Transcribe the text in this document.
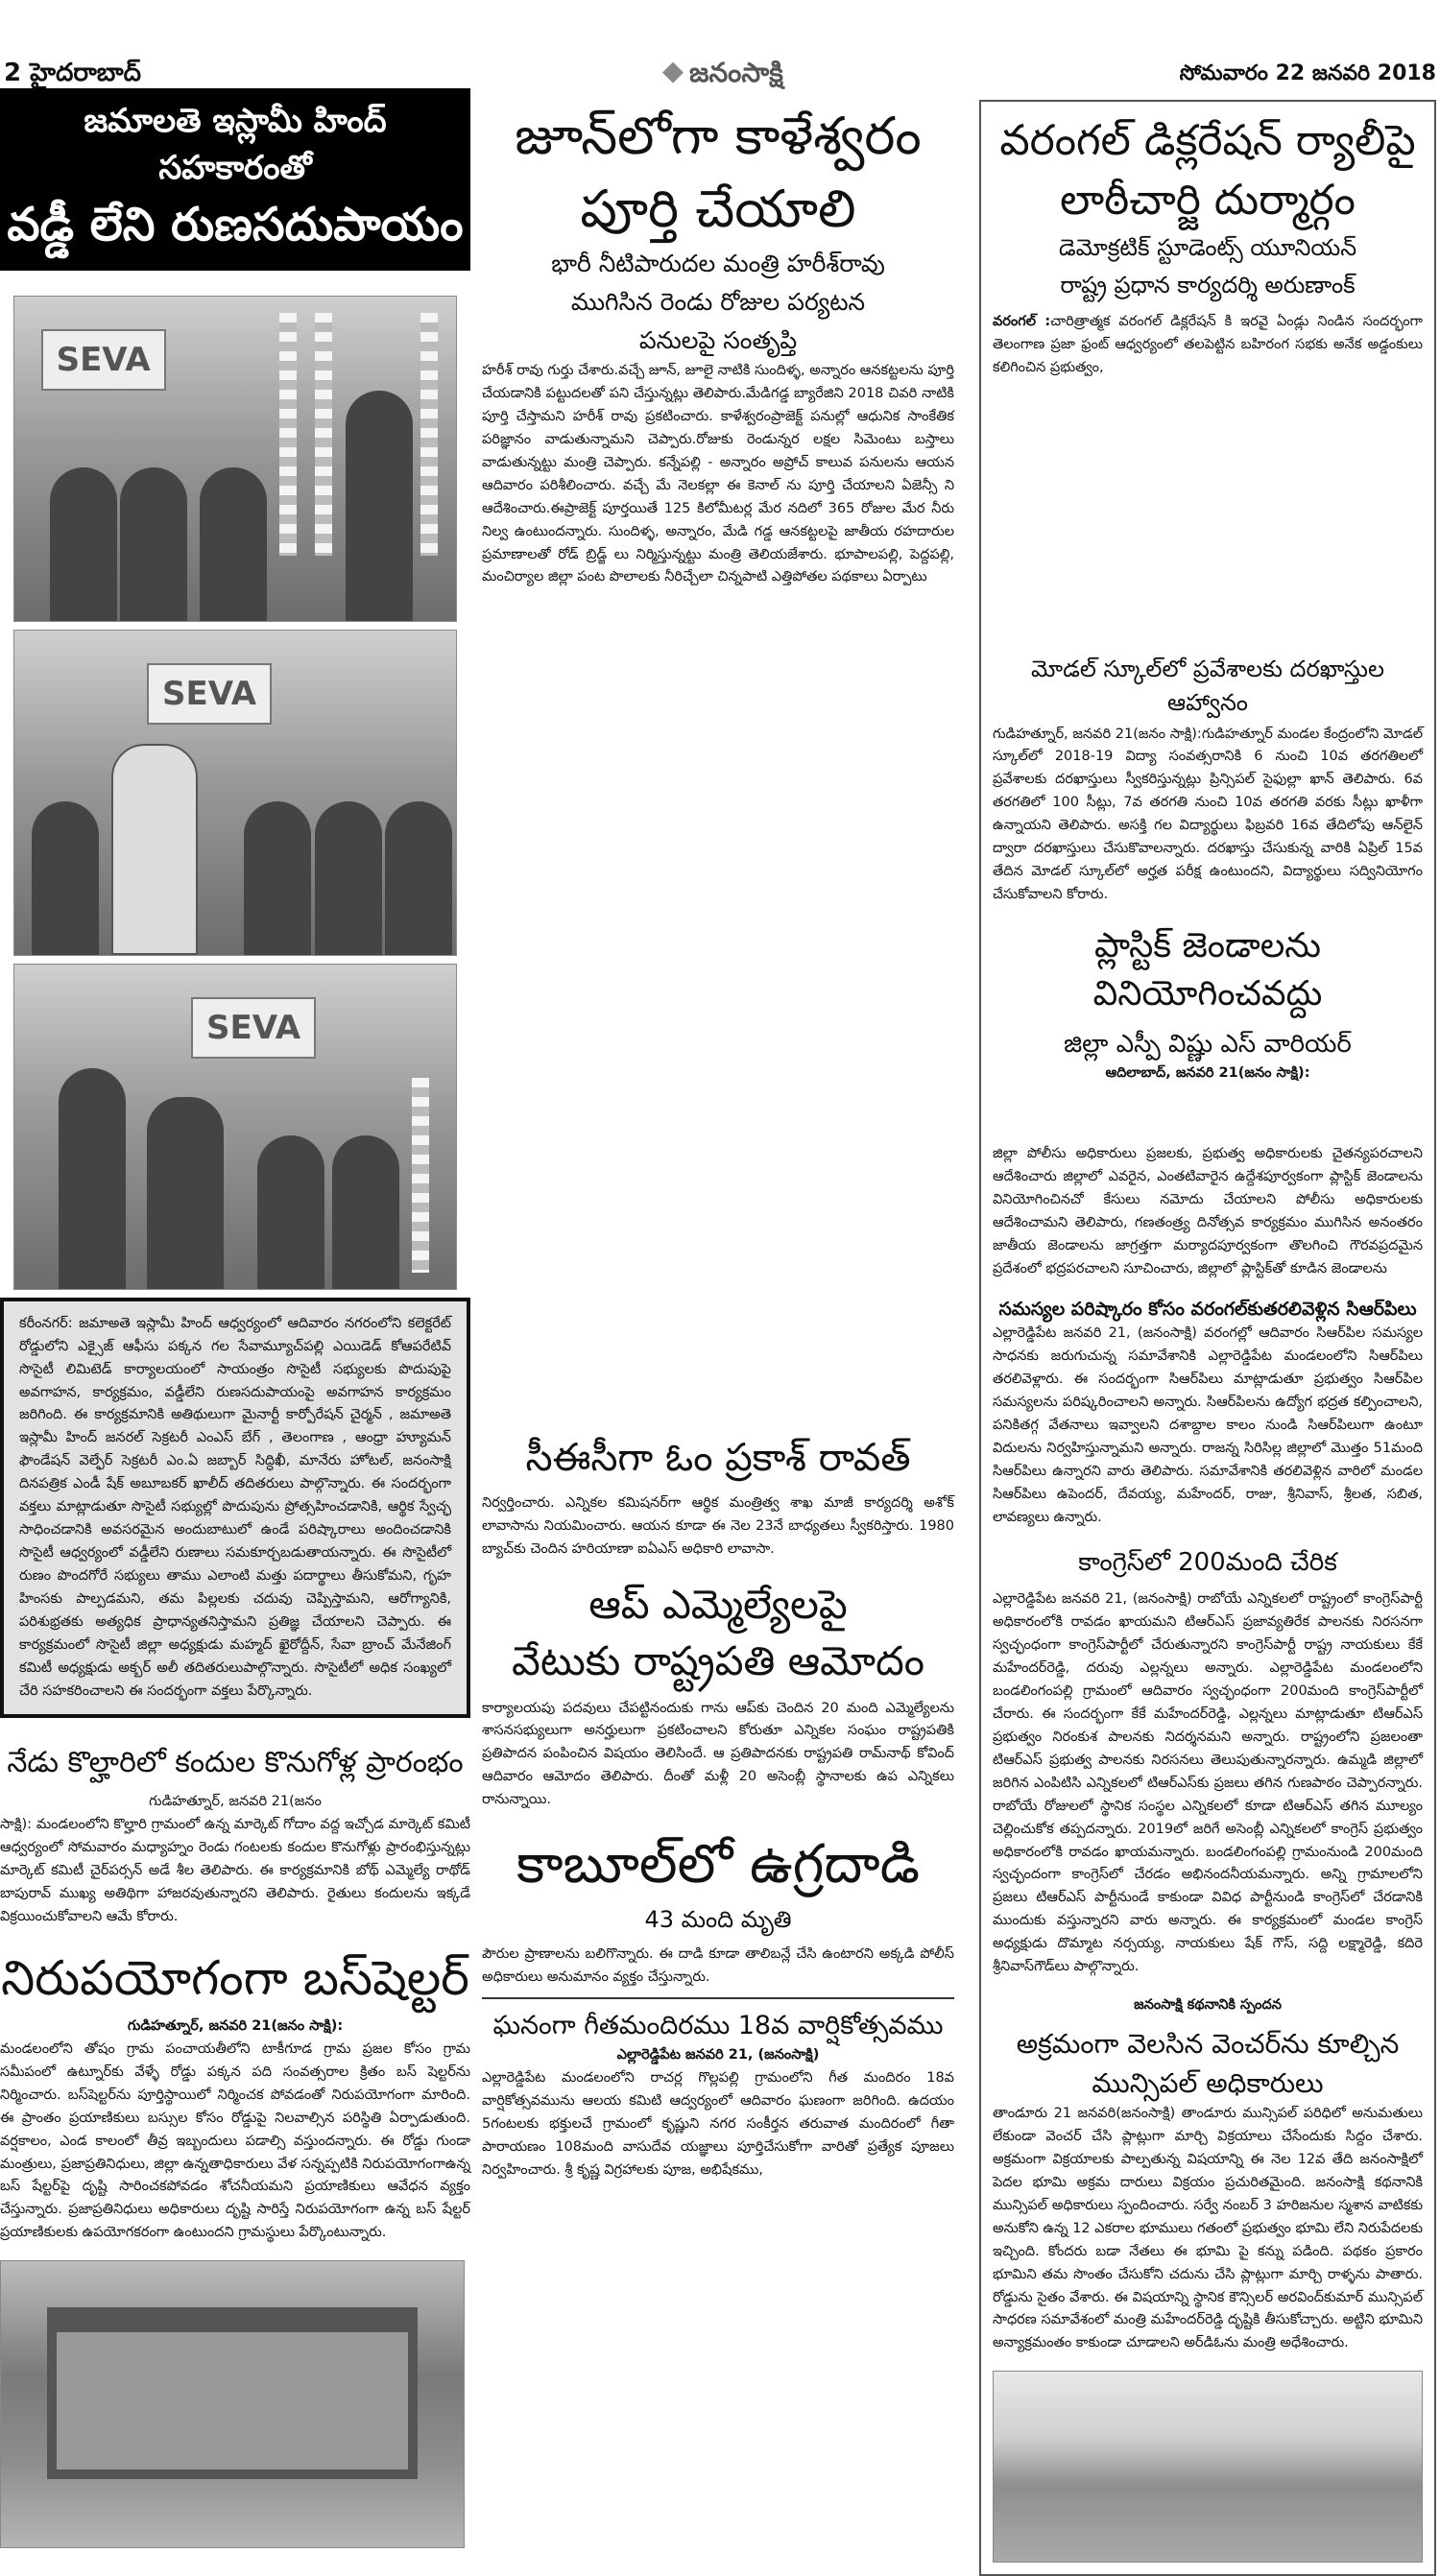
2 హైదరాబాద్	జనంసాక్షి	సోమవారం 22 జనవరి 2018
జమాలతె ఇస్లామీ హింద్ సహకారంతో
వడ్డీ లేని రుణసదుపాయం
SEVA
SEVA
SEVA

కరీంనగర్: జమాఅతె ఇస్లామీ హింద్ ఆధ్వర్యంలో ఆదివారం నగరంలోని కలెక్టరేట్ రోడ్డులోని ఎక్సైజ్ ఆఫీసు పక్కన గల సేవామ్యూచ్‌పల్లి ఎయిడెడ్ కోఆపరేటివ్ సొసైటీ లిమిటెడ్ కార్యాలయంలో సాయంత్రం సొసైటీ సభ్యులకు పొదుపుపై అవగాహన, కార్యక్రమం, వడ్డీలేని రుణసదుపాయంపై అవగాహన కార్యక్రమం జరిగింది. ఈ కార్యక్రమానికి అతిథులుగా మైనార్టీ కార్పోరేషన్ చైర్మన్ , జమాఅతె ఇస్లామీ హింద్ జనరల్ సెక్రటరీ ఎంఎస్ బేగ్ , తెలంగాణ , ఆంధ్రా హ్యూమన్ ఫౌండేషన్ వెల్ఫేర్ సెక్రటరీ ఎం.ఏ జబ్బార్ సిద్ధిఖీ, మానేరు హోటల్, జనంసాక్షి దినపత్రిక ఎండీ షేక్ అబూబకర్ ఖాలీద్ తదితరులు పాల్గొన్నారు. ఈ సందర్భంగా వక్తలు మాట్లాడుతూ సొసైటీ సభ్యుల్లో పొదుపును ప్రోత్సహించడానికి, ఆర్థిక స్వేచ్ఛ సాధించడానికి అవసరమైన అందుబాటులో ఉండే పరిష్కారాలు అందించడానికి సొసైటీ ఆధ్వర్యంలో వడ్డీలేని రుణాలు సమకూర్చబడుతాయన్నారు. ఈ సొసైటీలో రుణం పొందగోరే సభ్యులు తాము ఎలాంటి మత్తు పదార్థాలు తీసుకోమని, గృహ హింసకు పాల్పడమని, తమ పిల్లలకు చదువు చెప్పిస్తామని, ఆరోగ్యానికి, పరిశుభ్రతకు అత్యధిక ప్రాధాన్యతనిస్తామని ప్రతిజ్ఞ చేయాలని చెప్పారు. ఈ కార్యక్రమంలో సొసైటీ జిల్లా అధ్యక్షుడు మహ్మద్ ఖైరోద్దీన్, సేవా బ్రాంచ్ మేనేజింగ్ కమిటీ అధ్యక్షుడు అక్బర్ అలీ తదితరులుపాల్గొన్నారు. సొసైటీలో అధిక సంఖ్యలో చేరి సహకరించాలని ఈ సందర్భంగా వక్తలు పేర్కొన్నారు.

నేడు కొల్హారిలో కందుల కొనుగోళ్ల ప్రారంభం
గుడిహత్నూర్, జనవరి 21(జనం

సాక్షి): మండలంలోని కొల్హారి గ్రామంలో ఉన్న మార్కెట్ గోదాం వద్ద ఇచ్చోడ మార్కెట్ కమిటీ ఆధ్వర్యంలో సోమవారం మధ్యాహ్నం రెండు గంటలకు కందుల కొనుగోళ్లు ప్రారంభిస్తున్నట్లు మార్కెట్ కమిటీ చైర్‌పర్సన్ అడే శీల తెలిపారు. ఈ కార్యక్రమానికి బోథ్ ఎమ్మెల్యే రాథోడ్ బాపురావ్ ముఖ్య అతిథిగా హాజరవుతున్నారని తెలిపారు. రైతులు కందులను ఇక్కడే విక్రయించుకోవాలని ఆమే కోరారు.

నిరుపయోగంగా బస్‌షెల్టర్
గుడిహత్నూర్, జనవరి 21(జనం సాక్షి):

మండలంలోని తోషం గ్రామ పంచాయతీలోని టాకీగూడ గ్రామ ప్రజల కోసం గ్రామ సమీపంలో ఉట్నూర్‌కు వేళ్ళే రోడ్డు పక్కన పది సంవత్సరాల క్రితం బస్ షెల్టర్‌ను నిర్మించారు. బస్‌షెల్టర్‌ను పూర్తిస్థాయిలో నిర్మించక పోవడంతో నిరుపయోగంగా మారింది. ఈ ప్రాంతం ప్రయాణికులు బస్సుల కోసం రోడ్డుపై నిలవాల్సిన పరిస్థితి ఏర్పాడుతుంది. వర్షకాలం, ఎండ కాలంలో తీవ్ర ఇబ్బందులు పడాల్సి వస్తుందన్నారు. ఈ రోడ్డు గుండా మంత్రులు, ప్రజాప్రతినిధులు, జిల్లా ఉన్నతాధికారులు వేళ సన్నప్పటికి నిరుపయోగంగాఉన్న బస్ షేల్టర్‌పై దృష్టి సారించకపోవడం శోచనీయమని ప్రయాణికులు ఆవేధన వ్యక్తం చేస్తున్నారు. ప్రజాప్రతినిధులు అధికారులు దృష్టి సారిస్తే నిరుపయోగంగా ఉన్న బస్ షేల్టర్ ప్రయాణికులకు ఉపయోగకరంగా ఉంటుందని గ్రామస్థులు పేర్కొంటున్నారు.

జూన్‌లోగా కాళేశ్వరం
పూర్తి చేయాలి
భారీ నీటిపారుదల మంత్రి హరీశ్‌రావు
ముగిసిన రెండు రోజుల పర్యటన
పనులపై సంతృప్తి

హరీశ్ రావు గుర్తు చేశారు.వచ్చే జూన్, జూలై నాటికి సుందిళ్ళ, అన్నారం ఆనకట్టలను పూర్తి చేయడానికి పట్టుదలతో పని చేస్తున్నట్లు తెలిపారు.మేడిగడ్డ బ్యారేజిని 2018 చివరి నాటికి పూర్తి చేస్తామని హరీశ్ రావు ప్రకటించారు. కాళేశ్వరంప్రాజెక్ట్ పనుల్లో ఆధునిక సాంకేతిక పరిజ్ఞానం వాడుతున్నామని చెప్పారు.రోజుకు రెండున్నర లక్షల సిమెంటు బస్తాలు వాడుతున్నట్టు మంత్రి చెప్పారు. కన్నేపల్లి - అన్నారం అప్రోచ్ కాలువ పనులను ఆయన ఆదివారం పరిశీలించారు. వచ్చే మే నెలకల్లా ఈ కెనాల్ ను పూర్తి చేయాలని ఏజెన్సీ ని ఆదేశించారు.ఈప్రాజెక్ట్ పూర్తయితే 125 కిలోమీటర్ల మేర నదిలో 365 రోజుల మేర నీరు నిల్వ ఉంటుందన్నారు. సుందిళ్ళ, అన్నారం, మేడి గడ్డ ఆనకట్టలపై జాతీయ రహదారుల ప్రమాణాలతో రోడ్ బ్రిడ్జ్ లు నిర్మిస్తున్నట్టు మంత్రి తెలియజేశారు. భూపాలపల్లి, పెద్దపల్లి, మంచిర్యాల జిల్లా పంట పొలాలకు నీరిచ్చేలా చిన్నపాటి ఎత్తిపోతల పథకాలు ఏర్పాటు

సీఈసీగా ఓం ప్రకాశ్ రావత్

నిర్వర్తించారు. ఎన్నికల కమిషనర్‌గా ఆర్థిక మంత్రిత్వ శాఖ మాజీ కార్యదర్శి అశోక్ లావాసాను నియమించారు. ఆయన కూడా ఈ నెల 23నే బాధ్యతలు స్వీకరిస్తారు. 1980 బ్యాచ్‌కు చెందిన హరియాణా ఐఏఎస్ అధికారి లావాసా.

ఆప్ ఎమ్మెల్యేలపై
వేటుకు రాష్ట్రపతి ఆమోదం

కార్యాలయపు పదవులు చేపట్టినందుకు గాను ఆప్‌కు చెందిన 20 మంది ఎమ్మెల్యేలను శాసనసభ్యులుగా అనర్హులుగా ప్రకటించాలని కోరుతూ ఎన్నికల సంఘం రాష్ట్రపతికి ప్రతిపాదన పంపించిన విషయం తెలిసిందే. ఆ ప్రతిపాదనకు రాష్ట్రపతి రామ్‌నాథ్ కోవింద్ ఆదివారం ఆమోదం తెలిపారు. దీంతో మళ్లీ 20 అసెంబ్లీ స్థానాలకు ఉప ఎన్నికలు రానున్నాయి.

కాబూల్‌లో ఉగ్రదాడి
43 మంది మృతి

పౌరుల ప్రాణాలను బలిగొన్నారు. ఈ దాడి కూడా తాలిబన్లే చేసి ఉంటారని అక్కడి పోలీస్ అధికారులు అనుమానం వ్యక్తం చేస్తున్నారు.

ఘనంగా గీతమందిరము 18వ వార్షికోత్సవము
ఎల్లారెడ్డిపేట జనవరి 21, (జనంసాక్షి)

ఎల్లారెడ్డిపేట మండలంలోని రాచర్ల గొల్లపల్లి గ్రామంలోని గీత మందిరం 18వ వార్షికోత్సవమును ఆలయ కమిటి ఆద్వర్యంలో ఆదివారం ఘణంగా జరిగింది. ఉదయం 5గంటలకు భక్తులచే గ్రామంలో కృష్ణుని నగర సంకీర్తన తరువాత మందిరంలో గీతా పారాయణం 108మంది వాసుదేవ యజ్ఞాలు పూర్తిచేసుకోగా వారితో ప్రత్యేక పూజలు నిర్వహించారు. శ్రీ కృష్ణ విగ్రహాలకు పూజ, అభిషేకము,

వరంగల్ డిక్లరేషన్ ర్యాలీపై
లాఠీచార్జి దుర్మార్గం
డెమోక్రటిక్ స్టూడెంట్స్ యూనియన్
రాష్ట్ర ప్రధాన కార్యదర్శి అరుణాంక్

వరంగల్ :చారిత్రాత్మక వరంగల్ డిక్లరేషన్ కి ఇరవై ఏండ్లు నిండిన సందర్భంగా తెలంగాణ ప్రజా ఫ్రంట్ ఆధ్వర్యంలో తలపెట్టిన బహిరంగ సభకు అనేక అడ్డంకులు కలిగించిన ప్రభుత్వం,

మోడల్ స్కూల్‌లో ప్రవేశాలకు దరఖాస్తుల ఆహ్వానం

గుడిహత్నూర్, జనవరి 21(జనం సాక్షి):గుడిహత్నూర్ మండల కేంద్రంలోని మోడల్ స్కూల్‌లో 2018-19 విద్యా సంవత్సరానికి 6 నుంచి 10వ తరగతిలలో ప్రవేశాలకు దరఖాస్తులు స్వీకరిస్తున్నట్లు ప్రిన్సిపల్ సైఫుల్లా ఖాన్ తెలిపారు. 6వ తరగతిలో 100 సీట్లు, 7వ తరగతి నుంచి 10వ తరగతి వరకు సీట్లు ఖాళీగా ఉన్నాయని తెలిపారు. అసక్తి గల విద్యార్థులు ఫిబ్రవరి 16వ తేదిలోపు ఆన్‌లైన్ ద్వారా దరఖాస్తులు చేసుకొవాలన్నారు. దరఖాస్తు చేసుకున్న వారికి ఏప్రిల్ 15వ తేదిన మోడల్ స్కూల్‌లో అర్హత పరీక్ష ఉంటుందని, విద్యార్థులు సద్వినియోగం చేసుకోవాలని కోరారు.

ప్లాస్టిక్ జెండాలను వినియోగించవద్దు
జిల్లా ఎస్పీ విష్ణు ఎస్ వారియర్
ఆదిలాబాద్, జనవరి 21(జనం సాక్షి):

జిల్లా పోలీసు అధికారులు ప్రజలకు, ప్రభుత్వ అధికారులకు చైతన్యపరచాలని ఆదేశించారు జిల్లాలో ఎవరైన, ఎంతటివారైన ఉద్దేశపూర్వకంగా ప్లాస్టిక్ జెండాలను వినియోగించినచో కేసులు నమోదు చేయాలని పోలీసు అధికారులకు ఆదేశించామని తెలిపారు, గణతంత్ర్య దినోత్సవ కార్యక్రమం ముగిసిన అనంతరం జాతీయ జెండాలను జాగ్రత్తగా మర్యాదపూర్వకంగా తొలగించి గౌరవప్రదమైన ప్రదేశంలో భద్రపరచాలని సూచించారు, జిల్లాలో ప్లాస్టిక్‌తో కూడిన జెండాలను

సమస్యల పరిష్కారం కోసం వరంగల్‌కుతరలివెళ్లిన సిఆర్‌పిలు

ఎల్లారెడ్డిపేట జనవరి 21, (జనంసాక్షి) వరంగల్లో ఆదివారం సిఆర్‌పిల సమస్యల సాధనకు జరుగుచున్న సమావేశానికి ఎల్లారెడ్డిపేట మండలంలోని సిఆర్‌పిలు తరలివెళ్లారు. ఈ సందర్భంగా సిఆర్‌పిలు మాట్లాడుతూ ప్రభుత్వం సిఆర్‌పిల సమస్యలను పరిష్కరించాలని అన్నారు. సిఆర్‌పిలను ఉద్యోగ భద్రత కల్పించాలని, పనికితగ్గ వేతనాలు ఇవ్వాలని దశాబ్దాల కాలం నుండి సిఆర్‌పిలుగా ఉంటూ విదులను నిర్వహిస్తున్నామని అన్నారు. రాజన్న సిరిసిల్ల జిల్లాలో మొత్తం 51మంది సిఆర్‌పిలు ఉన్నారని వారు తెలిపారు. సమావేశానికి తరలివెళ్లిన వారిలో మండల సిఆర్‌పిలు ఉపెందర్, దేవయ్య, మహేందర్, రాజు, శ్రీనివాస్, శ్రీలత, సబిత, లావణ్యలు ఉన్నారు.

కాంగ్రెస్‌లో 200మంది చేరిక

ఎల్లారెడ్డిపేట జనవరి 21, (జనంసాక్షి) రాబోయే ఎన్నికలలో రాష్ట్రంలో కాంగ్రెస్‌పార్టీ అధికారంలోకి రావడం ఖాయమని టిఆర్‌ఎస్ ప్రజావ్యతిరేక పాలనకు నిరసనగా స్వచ్ఛంధంగా కాంగ్రెస్‌పార్టీలో చేరుతున్నారని కాంగ్రెస్‌పార్టీ రాష్ట్ర నాయకులు కేకే మహేందర్‌రెడ్డి, దరువు ఎల్లన్నలు అన్నారు. ఎల్లారెడ్డిపేట మండలంలోని బండలింగంపల్లి గ్రామంలో ఆదివారం స్వచ్ఛంధంగా 200మంది కాంగ్రెస్‌పార్టీలో చేరారు. ఈ సందర్భంగా కేకే మహేందర్‌రెడ్డి, ఎల్లన్నలు మాట్లాడుతూ టిఆర్‌ఎస్ ప్రభుత్వం నిరంకుశ పాలనకు నిదర్శనమని అన్నారు. రాష్ట్రంలోని ప్రజలంతా టిఆర్‌ఎస్ ప్రభుత్వ పాలనకు నిరసనలు తెలుపుతున్నారన్నారు. ఉమ్మడి జిల్లాలో జరిగిన ఎంపిటిసి ఎన్నికలలో టిఆర్‌ఎస్‌కు ప్రజలు తగిన గుణపాఠం చెప్పారన్నారు. రాబోయే రోజులలో స్థానిక సంస్థల ఎన్నికలలో కూడా టిఆర్‌ఎస్ తగిన మూల్యం చెల్లించుకోక తప్పదన్నారు. 2019లో జరిగే అసెంబ్లీ ఎన్నికలలో కాంగ్రెస్ ప్రభుత్వం అధికారంలోకి రావడం ఖాయమన్నారు. బండలింగంపల్లి గ్రామంనుండి 200మంది స్వచ్ఛందంగా కాంగ్రెస్‌లో చేరడం అభినందనీయమన్నారు. అన్ని గ్రామాలలోని ప్రజలు టిఆర్‌ఎస్ పార్టీనుండే కాకుండా వివిధ పార్టీనుండి కాంగ్రెస్‌లో చేరడానికి ముందుకు వస్తున్నారని వారు అన్నారు. ఈ కార్యక్రమంలో మండల కాంగ్రెస్ అధ్యక్షుడు దొమ్మాట నర్సయ్య, నాయకులు షేక్ గౌస్, సద్ది లక్ష్మారెడ్డి, కదిరె శ్రీనివాస్‌గౌడ్‌లు పాల్గొన్నారు.

జనంసాక్షి కథనానికి స్పందన
అక్రమంగా వెలసిన వెంచర్‌ను కూల్చిన
మున్సిపల్ అధికారులు

తాండూరు 21 జనవరి(జనంసాక్షి) తాండూరు మున్సిపల్ పరిధిలో అనుమతులు లేకుండా వెంచర్ చేసి ప్లాట్లుగా మార్చి విక్రయాలు చేసేందుకు సిద్దం చేశారు. అక్రమంగా విక్రయాలకు పాల్పతున్న విషయాన్ని ఈ నెల 12వ తేది జనంసాక్షిలో పెదల భూమి అక్రమ దారులు విక్రయం ప్రచురితమైంది. జనంసాక్షి కథనానికి మున్సిపల్ అధికారులు స్పందించారు. సర్వే నంబర్ 3 హరిజనుల స్మశాన వాటికకు అనుకోని ఉన్న 12 ఎకరాల భూములు గతంలో ప్రభుత్వం భూమి లేని నిరుపేదలకు ఇచ్చింది. కోందరు బడా నేతలు ఈ భూమి పై కన్ను పడింది. పథకం ప్రకారం భూమిని తమ సొంతం చేసుకోని చదును చేసి ప్లాట్లుగా మార్చి రాళ్ళను పాతారు. రోడ్డును సైతం వేశారు. ఈ విషయాన్ని స్థానిక కౌన్సిలర్ అరవింద్‌కుమార్ మున్సిపల్ సాధరణ సమావేశంలో మంత్రి మహేందర్‌రెడ్డి దృష్టికి తీసుకోచ్చారు. అట్టిని భూమిని అన్యాక్రమంతం కాకుండా చూడాలని అర్‌డిఓను మంత్రి అధేశించారు.
